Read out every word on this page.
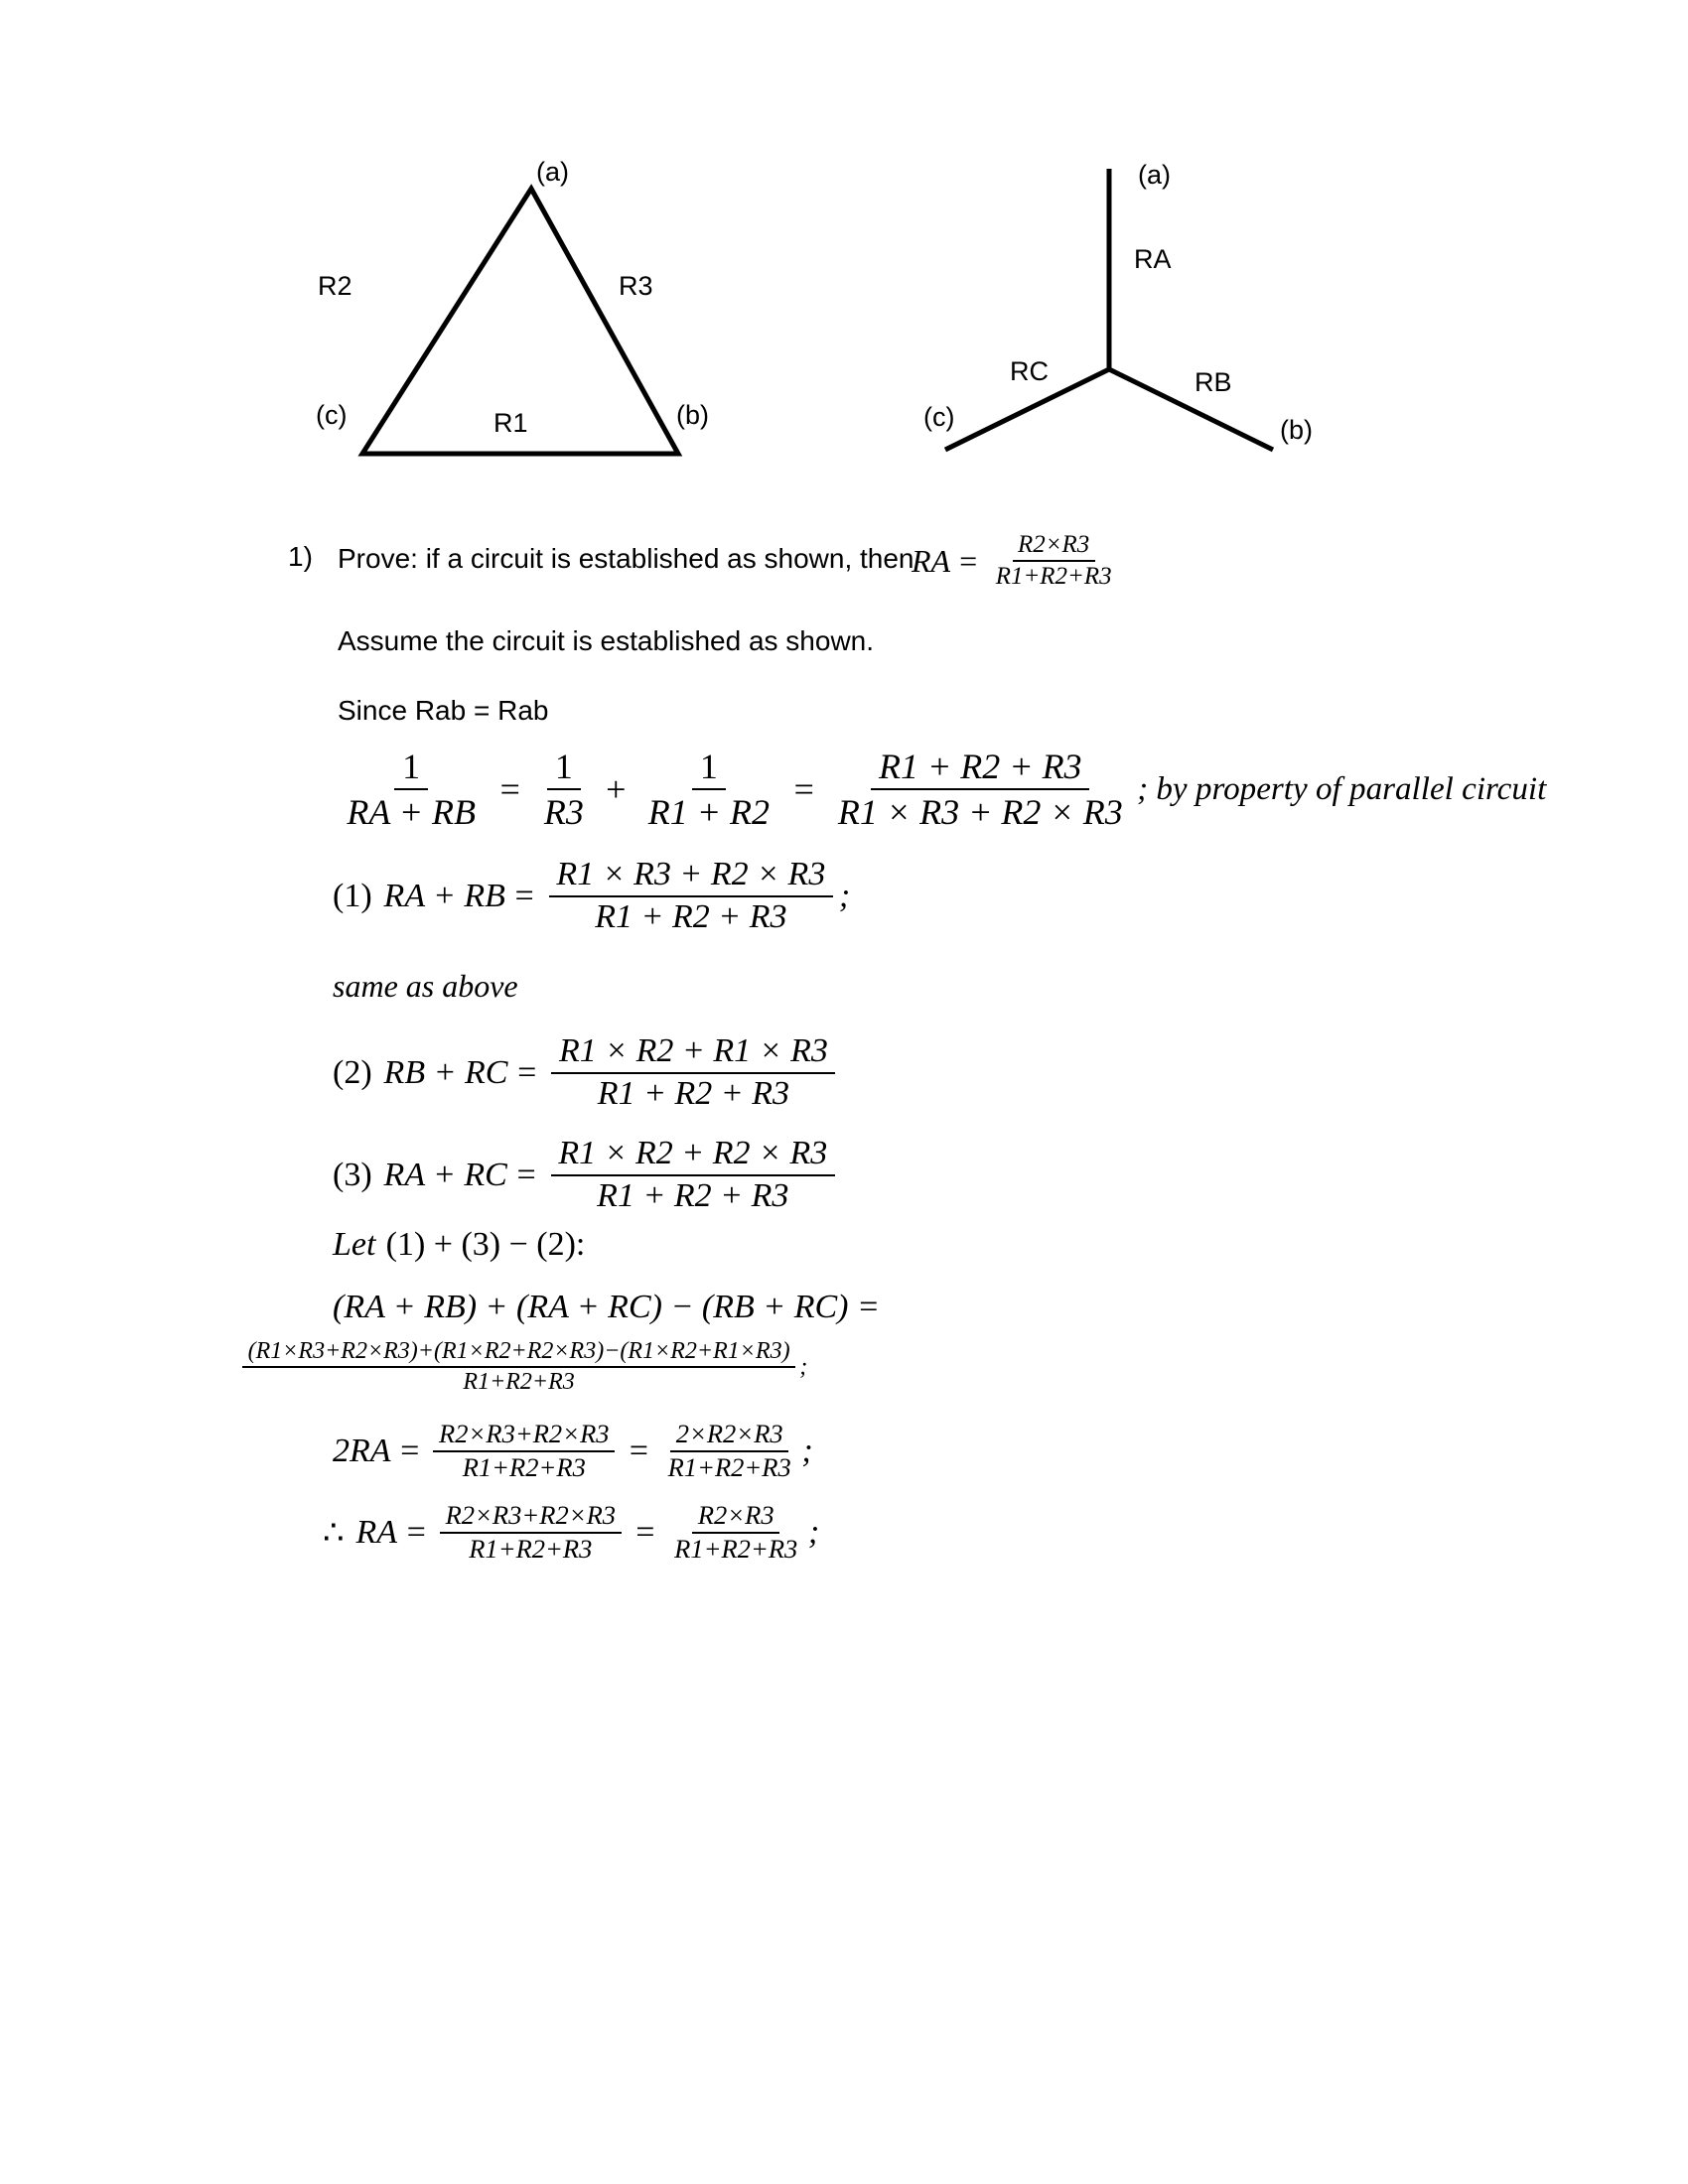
(a)
R2	R3
(c)	R1	(b)
(a)
RA
RC	RB
(c)	(b)
1) Prove: if a circuit is established as shown, then
RA = $\frac{R2\times R3}{R1+R2+R3}$
Assume the circuit is established as shown.
Since Rab = Rab
$\frac{1}{RA + RB} = \frac{1}{R3} + \frac{1}{R1 + R2} = \frac{R1 + R2 + R3}{R1 \times R3 + R2 \times R3}$ ; by property of parallel circuit
(1) RA + RB = $\frac{R1 \times R3 + R2 \times R3}{R1 + R2 + R3}$ ;
same as above
(2) RB + RC = $\frac{R1 \times R2 + R1 \times R3}{R1 + R2 + R3}$
(3) RA + RC = $\frac{R1 \times R2 + R2 \times R3}{R1 + R2 + R3}$
Let (1) + (3) − (2):
(RA + RB) + (RA + RC) − (RB + RC) =
$\frac{(R1\times R3+R2\times R3)+(R1\times R2+R2\times R3)-(R1\times R2+R1\times R3)}{R1+R2+R3}$ ;
$2RA = \frac{R2\times R3+R2\times R3}{R1+R2+R3} = \frac{2\times R2\times R3}{R1+R2+R3}$ ;
∴ RA = $\frac{R2\times R3+R2\times R3}{R1+R2+R3} = \frac{R2\times R3}{R1+R2+R3}$ ;
